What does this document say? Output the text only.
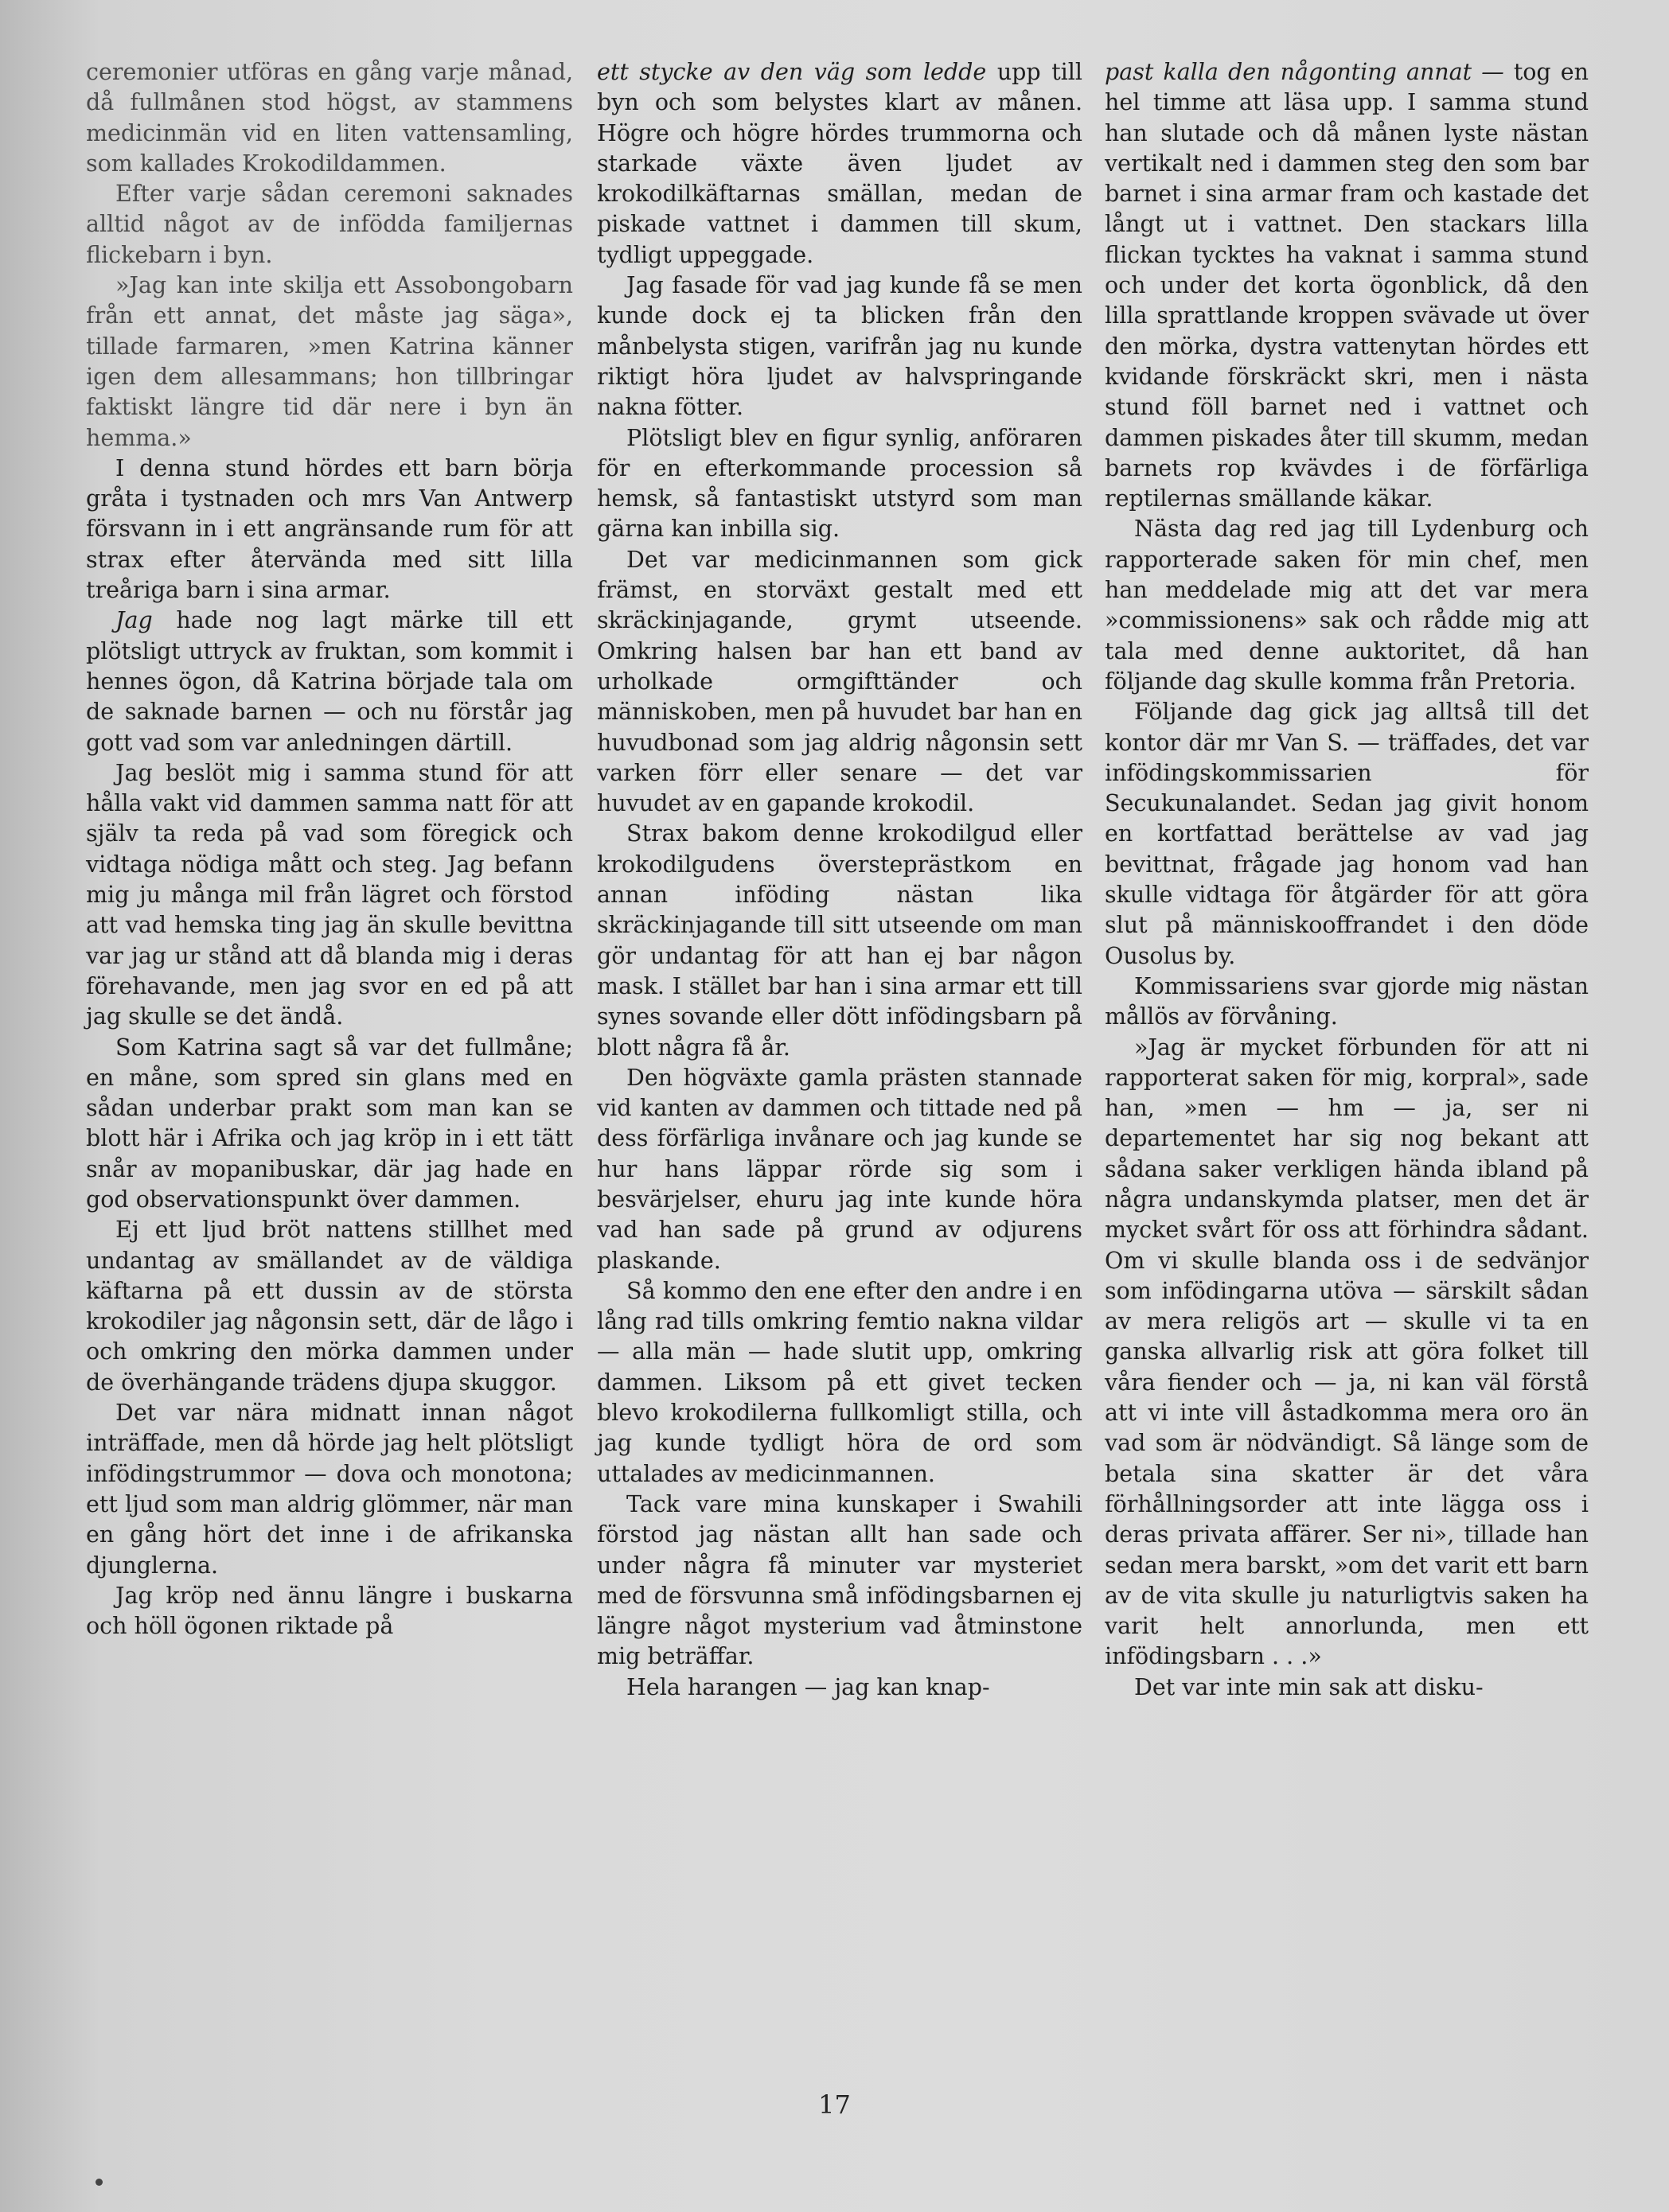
ceremonier utföras en gång varje månad, då fullmånen stod högst, av stammens medicinmän vid en liten vattensamling, som kallades Krokodildammen.

Efter varje sådan ceremoni saknades alltid något av de infödda familjernas flickebarn i byn.

»Jag kan inte skilja ett Assobongobarn från ett annat, det måste jag säga», tillade farmaren, »men Katrina känner igen dem allesammans; hon tillbringar faktiskt längre tid där nere i byn än hemma.»

I denna stund hördes ett barn börja gråta i tystnaden och mrs Van Antwerp försvann in i ett angränsande rum för att strax efter återvända med sitt lilla treåriga barn i sina armar.

Jag hade nog lagt märke till ett plötsligt uttryck av fruktan, som kommit i hennes ögon, då Katrina började tala om de saknade barnen — och nu förstår jag gott vad som var anledningen därtill.

Jag beslöt mig i samma stund för att hålla vakt vid dammen samma natt för att själv ta reda på vad som föregick och vidtaga nödiga mått och steg. Jag befann mig ju många mil från lägret och förstod att vad hemska ting jag än skulle bevittna var jag ur stånd att då blanda mig i deras förehavande, men jag svor en ed på att jag skulle se det ändå.

Som Katrina sagt så var det fullmåne; en måne, som spred sin glans med en sådan underbar prakt som man kan se blott här i Afrika och jag kröp in i ett tätt snår av mopanibuskar, där jag hade en god observationspunkt över dammen.

Ej ett ljud bröt nattens stillhet med undantag av smällandet av de väldiga käftarna på ett dussin av de största krokodiler jag någonsin sett, där de lågo i och omkring den mörka dammen under de överhängande trädens djupa skuggor.

Det var nära midnatt innan något inträffade, men då hörde jag helt plötsligt infödingstrummor — dova och monotona; ett ljud som man aldrig glömmer, när man en gång hört det inne i de afrikanska djunglerna.

Jag kröp ned ännu längre i buskarna och höll ögonen riktade på

ett stycke av den väg som ledde upp till byn och som belystes klart av månen. Högre och högre hördes trummorna och starkade växte även ljudet av krokodilkäftarnas smällan, medan de piskade vattnet i dammen till skum, tydligt uppeggade.

Jag fasade för vad jag kunde få se men kunde dock ej ta blicken från den månbelysta stigen, varifrån jag nu kunde riktigt höra ljudet av halvspringande nakna fötter.

Plötsligt blev en figur synlig, anföraren för en efterkommande procession så hemsk, så fantastiskt utstyrd som man gärna kan inbilla sig.

Det var medicinmannen som gick främst, en storväxt gestalt med ett skräckinjagande, grymt utseende. Omkring halsen bar han ett band av urholkade ormgifttänder och människoben, men på huvudet bar han en huvudbonad som jag aldrig någonsin sett varken förr eller senare — det var huvudet av en gapande krokodil.

Strax bakom denne krokodilgud eller krokodilgudens översteprästkom en annan inföding nästan lika skräckinjagande till sitt utseende om man gör undantag för att han ej bar någon mask. I stället bar han i sina armar ett till synes sovande eller dött infödingsbarn på blott några få år.

Den högväxte gamla prästen stannade vid kanten av dammen och tittade ned på dess förfärliga invånare och jag kunde se hur hans läppar rörde sig som i besvärjelser, ehuru jag inte kunde höra vad han sade på grund av odjurens plaskande.

Så kommo den ene efter den andre i en lång rad tills omkring femtio nakna vildar — alla män — hade slutit upp, omkring dammen. Liksom på ett givet tecken blevo krokodilerna fullkomligt stilla, och jag kunde tydligt höra de ord som uttalades av medicinmannen.

Tack vare mina kunskaper i Swahili förstod jag nästan allt han sade och under några få minuter var mysteriet med de försvunna små infödingsbarnen ej längre något mysterium vad åtminstone mig beträffar.

Hela harangen — jag kan knap-

past kalla den någonting annat — tog en hel timme att läsa upp. I samma stund han slutade och då månen lyste nästan vertikalt ned i dammen steg den som bar barnet i sina armar fram och kastade det långt ut i vattnet. Den stackars lilla flickan tycktes ha vaknat i samma stund och under det korta ögonblick, då den lilla sprattlande kroppen svävade ut över den mörka, dystra vattenytan hördes ett kvidande förskräckt skri, men i nästa stund föll barnet ned i vattnet och dammen piskades åter till skumm, medan barnets rop kvävdes i de förfärliga reptilernas smällande käkar.

Nästa dag red jag till Lydenburg och rapporterade saken för min chef, men han meddelade mig att det var mera »commissionens» sak och rådde mig att tala med denne auktoritet, då han följande dag skulle komma från Pretoria.

Följande dag gick jag alltså till det kontor där mr Van S. — träffades, det var infödingskommissarien för Secukunalandet. Sedan jag givit honom en kortfattad berättelse av vad jag bevittnat, frågade jag honom vad han skulle vidtaga för åtgärder för att göra slut på människooffrandet i den döde Ousolus by.

Kommissariens svar gjorde mig nästan mållös av förvåning.

»Jag är mycket förbunden för att ni rapporterat saken för mig, korpral», sade han, »men — hm — ja, ser ni departementet har sig nog bekant att sådana saker verkligen hända ibland på några undanskymda platser, men det är mycket svårt för oss att förhindra sådant. Om vi skulle blanda oss i de sedvänjor som infödingarna utöva — särskilt sådan av mera religös art — skulle vi ta en ganska allvarlig risk att göra folket till våra fiender och — ja, ni kan väl förstå att vi inte vill åstadkomma mera oro än vad som är nödvändigt. Så länge som de betala sina skatter är det våra förhållningsorder att inte lägga oss i deras privata affärer. Ser ni», tillade han sedan mera barskt, »om det varit ett barn av de vita skulle ju naturligtvis saken ha varit helt annorlunda, men ett infödingsbarn . . .»

Det var inte min sak att disku-

17
